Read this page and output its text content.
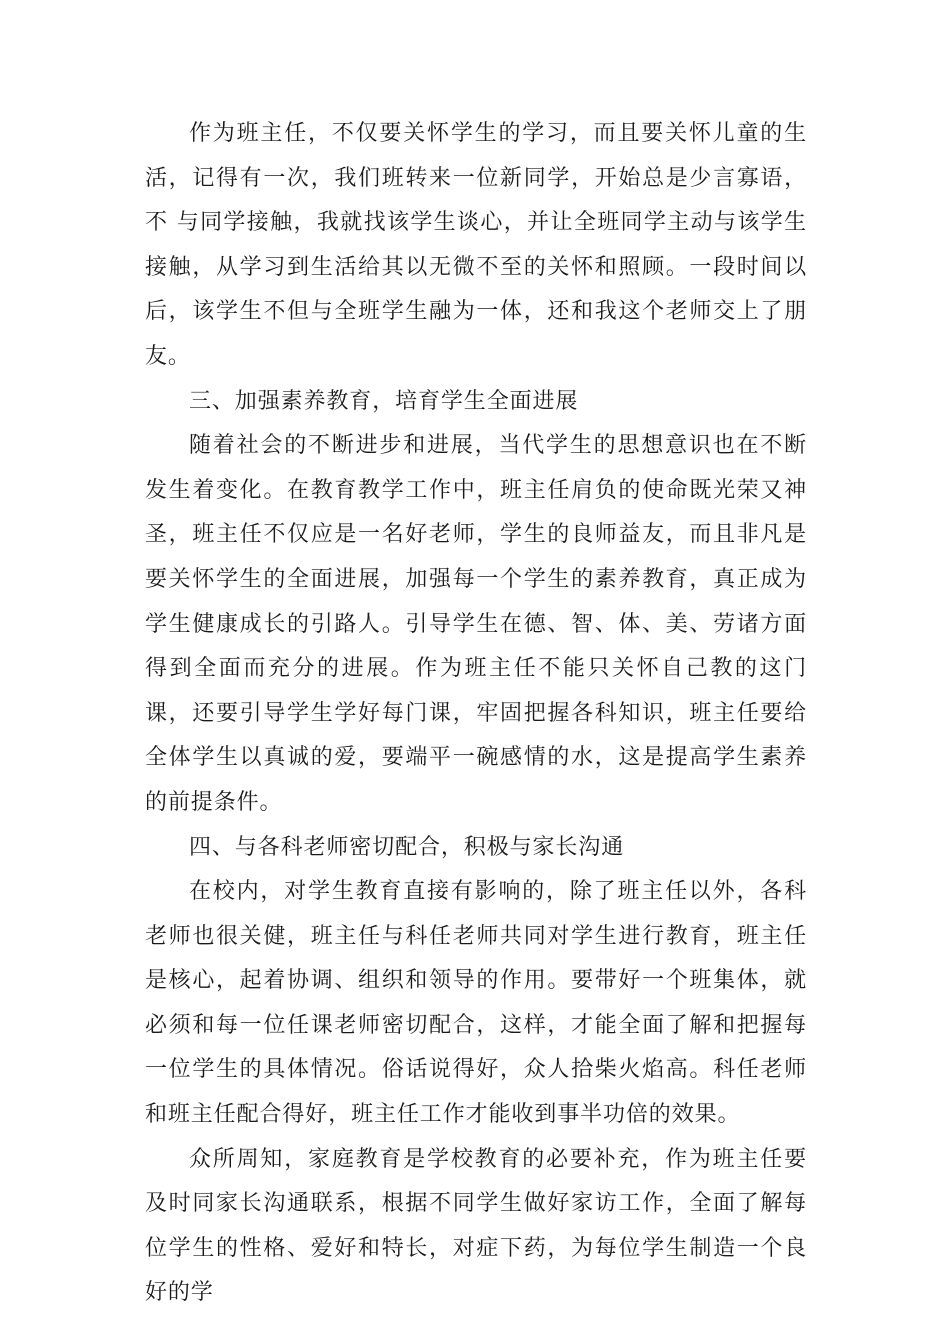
作为班主任，不仅要关怀学生的学习，而且要关怀儿童的生活，记得有一次，我们班转来一位新同学，开始总是少言寡语，不 与同学接触，我就找该学生谈心，并让全班同学主动与该学生接触，从学习到生活给其以无微不至的关怀和照顾。一段时间以后，该学生不但与全班学生融为一体，还和我这个老师交上了朋友。

三、加强素养教育，培育学生全面进展

随着社会的不断进步和进展，当代学生的思想意识也在不断发生着变化。在教育教学工作中，班主任肩负的使命既光荣又神圣，班主任不仅应是一名好老师，学生的良师益友，而且非凡是要关怀学生的全面进展，加强每一个学生的素养教育，真正成为学生健康成长的引路人。引导学生在德、智、体、美、劳诸方面得到全面而充分的进展。作为班主任不能只关怀自己教的这门课，还要引导学生学好每门课，牢固把握各科知识，班主任要给全体学生以真诚的爱，要端平一碗感情的水，这是提高学生素养的前提条件。

四、与各科老师密切配合，积极与家长沟通

在校内，对学生教育直接有影响的，除了班主任以外，各科老师也很关健，班主任与科任老师共同对学生进行教育，班主任是核心，起着协调、组织和领导的作用。要带好一个班集体，就必须和每一位任课老师密切配合，这样，才能全面了解和把握每一位学生的具体情况。俗话说得好，众人拾柴火焰高。科任老师和班主任配合得好，班主任工作才能收到事半功倍的效果。

众所周知，家庭教育是学校教育的必要补充，作为班主任要及时同家长沟通联系，根据不同学生做好家访工作，全面了解每位学生的性格、爱好和特长，对症下药，为每位学生制造一个良好的学
